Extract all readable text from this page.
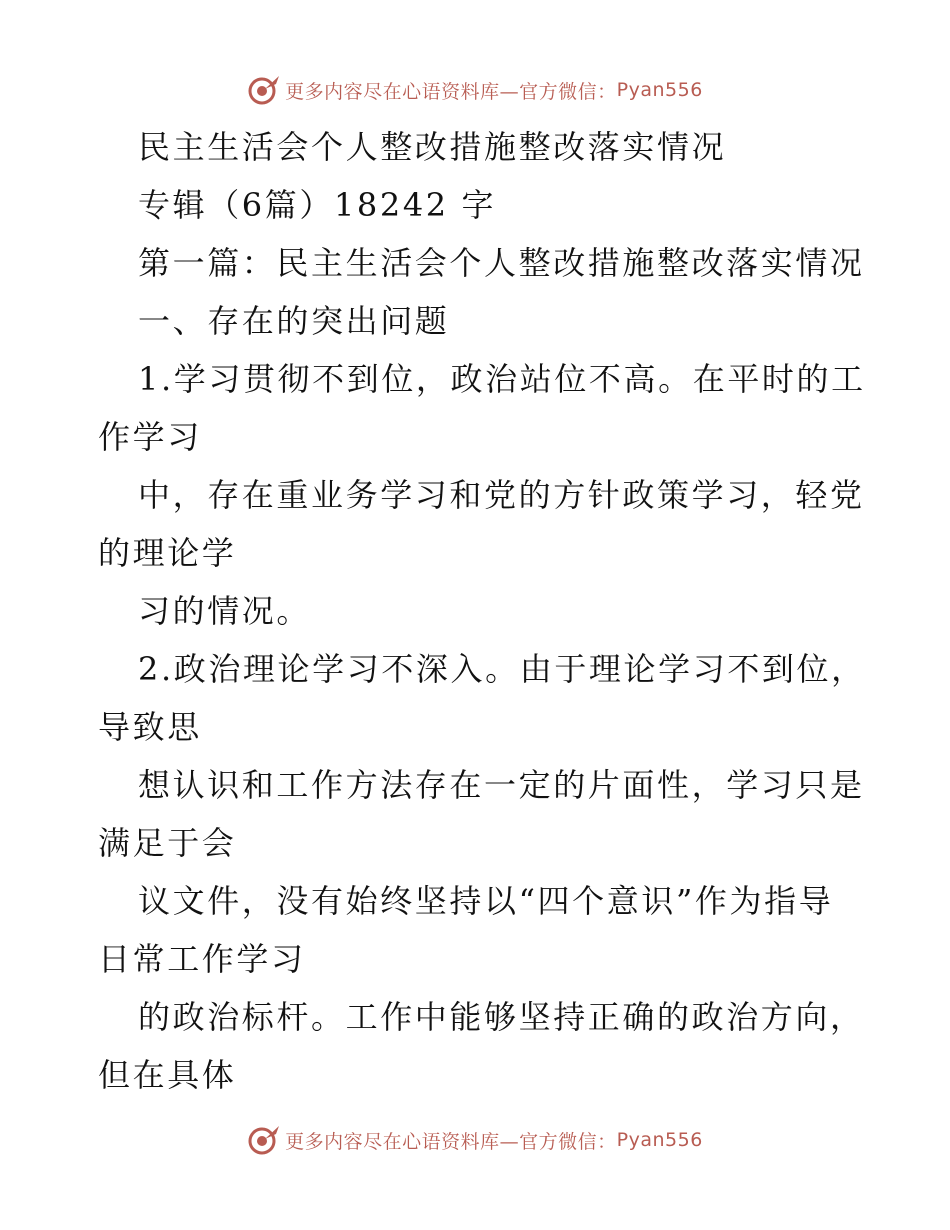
更多内容尽在心语资料库—官方微信： Pyan556
民主生活会个人整改措施整改落实情况
专辑（6篇）18242 字
第一篇：民主生活会个人整改措施整改落实情况
一、存在的突出问题
1.学习贯彻不到位，政治站位不高。在平时的工
作学习
中，存在重业务学习和党的方针政策学习，轻党
的理论学
习的情况。
2.政治理论学习不深入。由于理论学习不到位，
导致思
想认识和工作方法存在一定的片面性，学习只是
满足于会
议文件，没有始终坚持以“四个意识”作为指导
日常工作学习
的政治标杆。工作中能够坚持正确的政治方向，
但在具体
更多内容尽在心语资料库—官方微信： Pyan556
